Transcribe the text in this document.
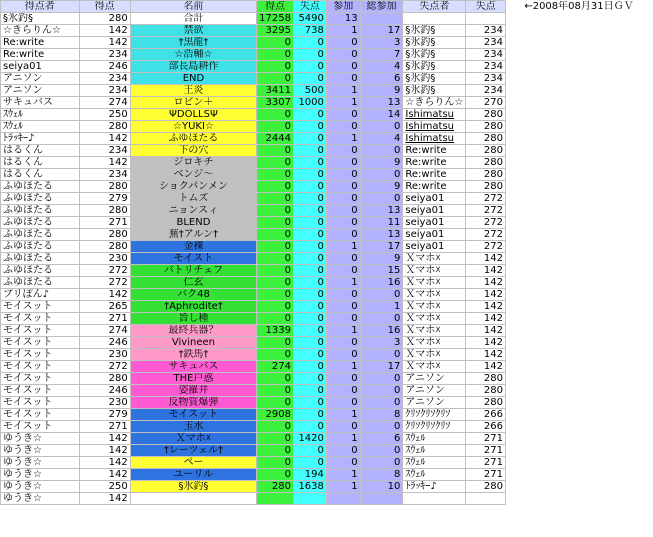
得点者	得点	名前	得点	失点	参加	総参加	失点者	失点	←2008年08月31日ＧＶ
§氷釣§	280	合計	17258	5490	13				
☆きらりん☆	142	禁欲	3295	738	1	17	§氷釣§	234	
Re:write	142	†黒龍†	0	0	0	3	§氷釣§	234	
Re:write	234	☆浩輔☆	0	0	0	7	§氷釣§	234	
seiya01	246	部長島耕作	0	0	0	4	§氷釣§	234	
アニソン	234	END	0	0	0	6	§氷釣§	234	
アニソン	234	王炎	3411	500	1	9	§氷釣§	234	
サキュバス	274	ロビン＋	3307	1000	1	13	☆きらりん☆	270	
ｽｳｪﾙ	250	ΨDOLLSΨ	0	0	0	14	Ishimatsu	280	
ｽｳｪﾙ	280	☆YUKI☆	0	0	0	0	Ishimatsu	280	
ﾄﾗｯｷｰ♪	142	ふゆほたる	2444	0	1	4	Ishimatsu	280	
はるくん	234	下の穴	0	0	0	0	Re:write	280	
はるくん	142	ジロキチ	0	0	0	9	Re:write	280	
はるくん	234	ベンジ〜	0	0	0	0	Re:write	280	
ふゆほたる	280	ショクパンメン	0	0	0	9	Re:write	280	
ふゆほたる	279	トムズ	0	0	0	0	seiya01	272	
ふゆほたる	280	ニョンスィ	0	0	0	13	seiya01	272	
ふゆほたる	271	BLEND	0	0	0	11	seiya01	272	
ふゆほたる	280	蕪†アルン†	0	0	0	13	seiya01	272	
ふゆほたる	280	金裸	0	0	1	17	seiya01	272	
ふゆほたる	230	モイスト	0	0	0	9	Ｘマホ☓	142	
ふゆほたる	272	バトリチェフ	0	0	0	15	Ｘマホ☓	142	
ふゆほたる	272	仁玄	0	0	1	16	Ｘマホ☓	142	
プリぽん♪	142	バク48	0	0	0	0	Ｘマホ☓	142	
モイスット	265	†Aphrodite†	0	0	0	1	Ｘマホ☓	142	
モイスット	271	旨し種	0	0	0	0	Ｘマホ☓	142	
モイスット	274	最終兵器？	1339	0	1	16	Ｘマホ☓	142	
モイスット	246	Vivineen	0	0	0	3	Ｘマホ☓	142	
モイスット	230	†鉄馬†	0	0	0	0	Ｘマホ☓	142	
モイスット	272	サキュバス	274	0	1	17	Ｘマホ☓	142	
モイスット	280	THE戸惑	0	0	0	0	アニソン	280	
モイスット	246	姿羅井	0	0	0	0	アニソン	280	
モイスット	230	反物質爆弾	0	0	0	0	アニソン	280	
モイスット	279	モイスット	2908	0	1	8	ｸﾘｿｸﾘｿｸﾘｿ	266	
モイスット	271	玉水	0	0	0	0	ｸﾘｿｸﾘｿｸﾘｿ	266	
ゆうき☆	142	Ｘマホ☓	0	1420	1	6	ｽｳｪﾙ	271	
ゆうき☆	142	†レーツェル†	0	0	0	0	ｽｳｪﾙ	271	
ゆうき☆	142	ペー	0	0	0	0	ｽｳｪﾙ	271	
ゆうき☆	142	ユーリル	0	194	1	8	ｽｳｪﾙ	271	
ゆうき☆	250	§氷釣§	280	1638	1	10	ﾄﾗｯｷｰ♪	280	
ゆうき☆	142								
